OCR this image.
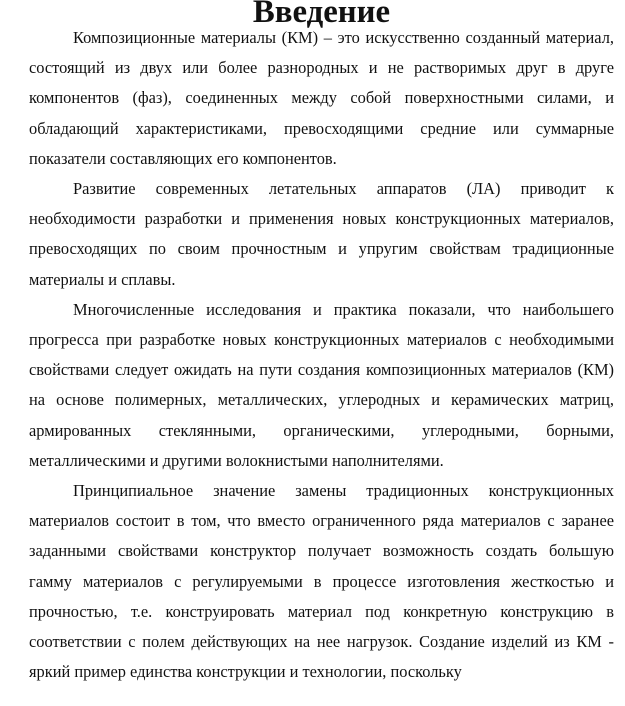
Введение

Композиционные материалы (КМ) – это искусственно созданный материал, состоящий из двух или более разнородных и не растворимых друг в друге компонентов (фаз), соединенных между собой поверхностными силами, и обладающий характеристиками, превосходящими средние или суммарные показатели составляющих его компонентов.

Развитие современных летательных аппаратов (ЛА) приводит к необходимости разработки и применения новых конструкционных материалов, превосходящих по своим прочностным и упругим свойствам традиционные материалы и сплавы.

Многочисленные исследования и практика показали, что наибольшего прогресса при разработке новых конструкционных материалов с необходимыми свойствами следует ожидать на пути создания композиционных материалов (КМ) на основе полимерных, металлических, углеродных и керамических матриц, армированных стеклянными, органическими, углеродными, борными, металлическими и другими волокнистыми наполнителями.

Принципиальное значение замены традиционных конструкционных материалов состоит в том, что вместо ограниченного ряда материалов с заранее заданными свойствами конструктор получает возможность создать большую гамму материалов с регулируемыми в процессе изготовления жесткостью и прочностью, т.е. конструировать материал под конкретную конструкцию в соответствии с полем действующих на нее нагрузок. Создание изделий из КМ - яркий пример единства конструкции и технологии, поскольку
